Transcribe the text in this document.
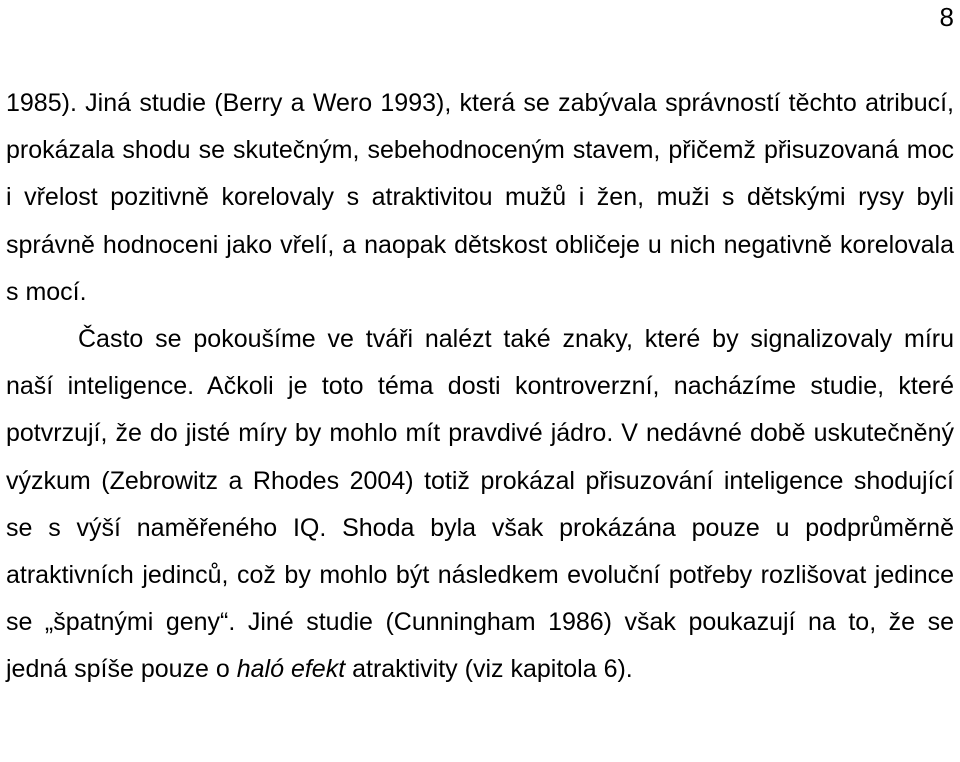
8

1985). Jiná studie (Berry a Wero 1993), která se zabývala správností těchto atribucí, prokázala shodu se skutečným, sebehodnoceným stavem, přičemž přisuzovaná moc i vřelost pozitivně korelovaly s atraktivitou mužů i žen, muži s dětskými rysy byli správně hodnoceni jako vřelí, a naopak dětskost obličeje u nich negativně korelovala s mocí.

Často se pokoušíme ve tváři nalézt také znaky, které by signalizovaly míru naší inteligence. Ačkoli je toto téma dosti kontroverzní, nacházíme studie, které potvrzují, že do jisté míry by mohlo mít pravdivé jádro. V nedávné době uskutečněný výzkum (Zebrowitz a Rhodes 2004) totiž prokázal přisuzování inteligence shodující se s výší naměřeného IQ. Shoda byla však prokázána pouze u podprůměrně atraktivních jedinců, což by mohlo být následkem evoluční potřeby rozlišovat jedince se „špatnými geny“. Jiné studie (Cunningham 1986) však poukazují na to, že se jedná spíše pouze o haló efekt atraktivity (viz kapitola 6).
